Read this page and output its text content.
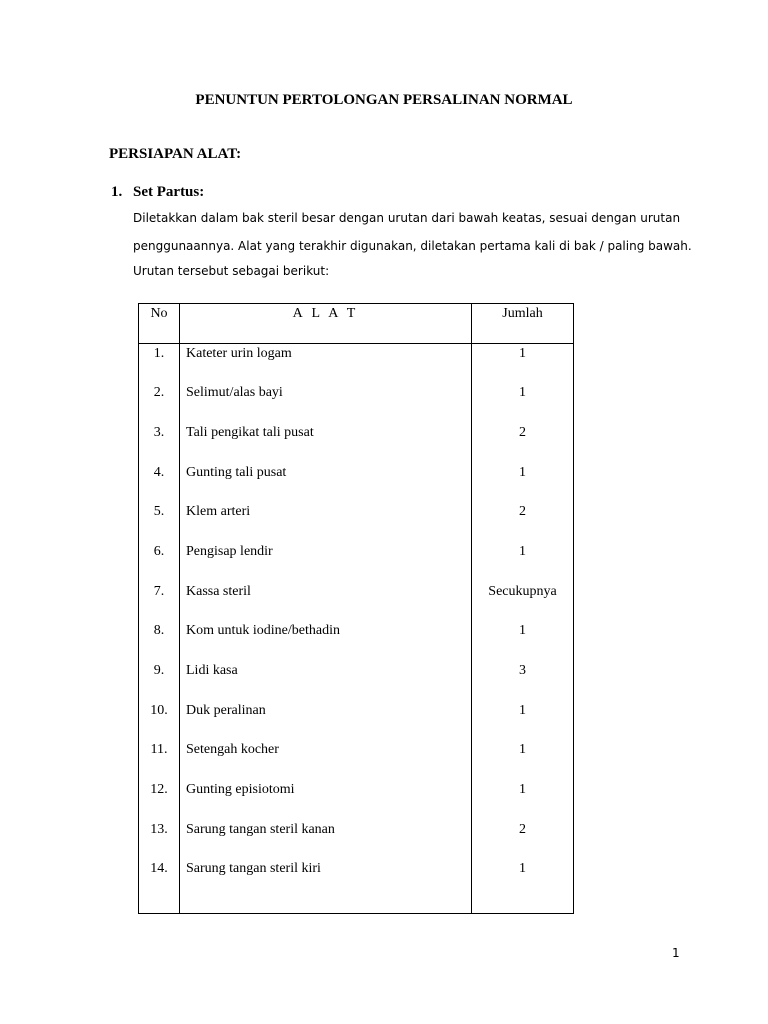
PENUNTUN PERTOLONGAN PERSALINAN NORMAL
PERSIAPAN ALAT:
1. Set Partus:
Diletakkan dalam bak steril besar dengan urutan dari bawah keatas, sesuai dengan urutan
penggunaannya. Alat yang terakhir digunakan, diletakan pertama kali di bak / paling bawah.
Urutan tersebut sebagai berikut:
No	A L A T	Jumlah
1.	Kateter urin logam	1
2.	Selimut/alas bayi	1
3.	Tali pengikat tali pusat	2
4.	Gunting tali pusat	1
5.	Klem arteri	2
6.	Pengisap lendir	1
7.	Kassa steril	Secukupnya
8.	Kom untuk iodine/bethadin	1
9.	Lidi kasa	3
10.	Duk peralinan	1
11.	Setengah kocher	1
12.	Gunting episiotomi	1
13.	Sarung tangan steril kanan	2
14.	Sarung tangan steril kiri	1
1
